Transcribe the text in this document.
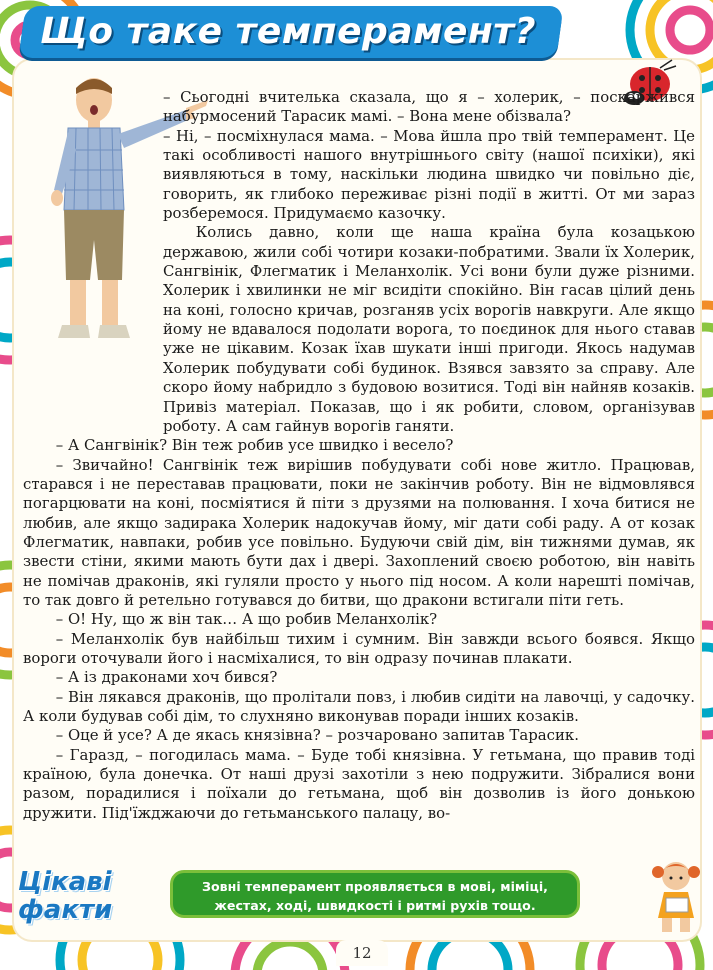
Що таке темперамент?

– Сьогодні вчителька сказала, що я – холерик, – поскаржився набурмосений Тарасик мамі. – Вона мене обізвала?

– Ні, – посміхнулася мама. – Мова йшла про твій темперамент. Це такі особливості нашого внутрішнього світу (нашої психіки), які виявляються в тому, наскільки людина швидко чи повільно діє, говорить, як глибоко переживає різні події в житті. От ми зараз розберемося. Придумаємо казочку.

Колись давно, коли ще наша країна була козацькою державою, жили собі чотири козаки-побратими. Звали їх Холерик, Сангвінік, Флегматик і Меланхолік. Усі вони були дуже різними. Холерик і хвилинки не міг всидіти спокійно. Він гасав цілий день на коні, голосно кричав, розганяв усіх ворогів навкруги. Але якщо йому не вдавалося подолати ворога, то поєдинок для нього ставав уже не цікавим. Козак їхав шукати інші пригоди. Якось надумав Холерик побудувати собі будинок. Взявся завзято за справу. Але скоро йому набридло з будовою возитися. Тоді він найняв козаків. Привіз матеріал. Показав, що і як робити, словом, організував роботу. А сам гайнув ворогів ганяти.

– А Сангвінік? Він теж робив усе швидко і весело?

– Звичайно! Сангвінік теж вирішив побудувати собі нове житло. Працював, старався і не переставав працювати, поки не закінчив роботу. Він не відмовлявся погарцювати на коні, посміятися й піти з друзями на полювання. І хоча битися не любив, але якщо задирака Холерик надокучав йому, міг дати собі раду. А от козак Флегматик, навпаки, робив усе повільно. Будуючи свій дім, він тижнями думав, як звести стіни, якими мають бути дах і двері. Захоплений своєю роботою, він навіть не помічав драконів, які гуляли просто у нього під носом. А коли нарешті помічав, то так довго й ретельно готувався до битви, що дракони встигали піти геть.

– О! Ну, що ж він так… А що робив Меланхолік?

– Меланхолік був найбільш тихим і сумним. Він завжди всього боявся. Якщо вороги оточували його і насміхалися, то він одразу починав плакати.

– А із драконами хоч бився?

– Він лякався драконів, що пролітали повз, і любив сидіти на лавочці, у садочку. А коли будував собі дім, то слухняно виконував поради інших козаків.

– Оце й усе? А де якась князівна? – розчаровано запитав Тарасик.

– Гаразд, – погодилась мама. – Буде тобі князівна. У гетьмана, що правив тоді країною, була донечка. От наші друзі захотіли з нею подружити. Зібралися вони разом, порадилися і поїхали до гетьмана, щоб він дозволив із його донькою дружити. Під'їжджаючи до гетьманського палацу, во-

Цікаві
факти
Зовні темперамент проявляється в мові, міміці, жестах, ході, швидкості і ритмі рухів тощо.
12
